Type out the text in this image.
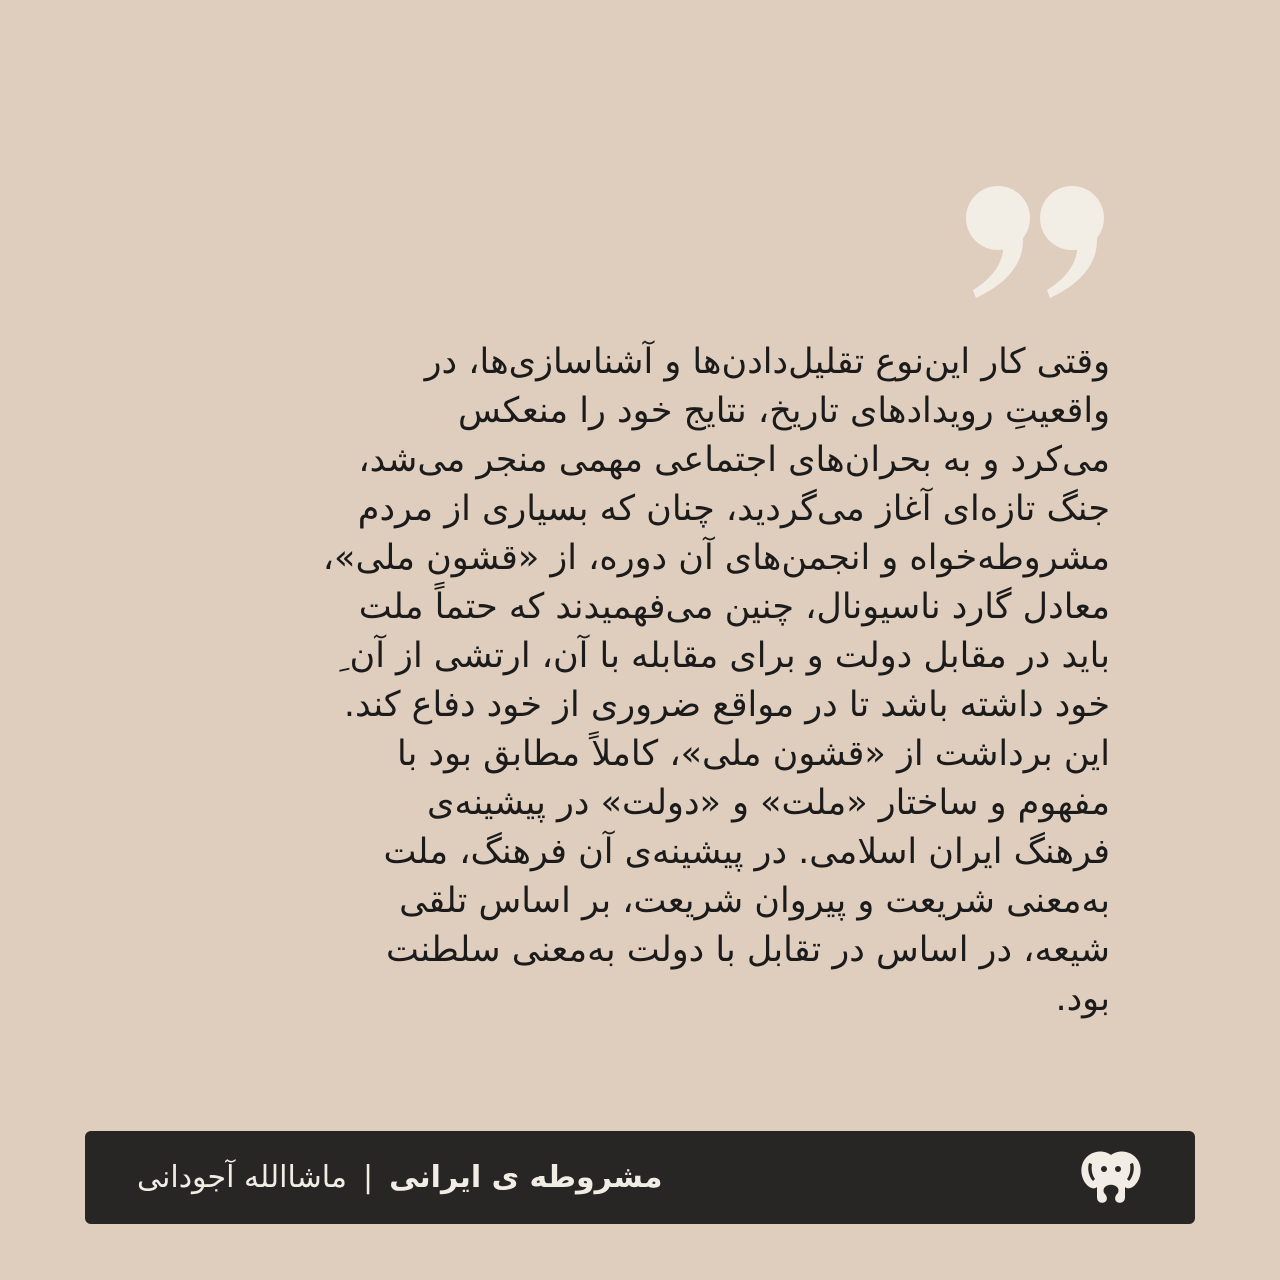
وقتی کار این‌نوع تقلیل‌دادن‌ها و آشناسازی‌ها، در
واقعیتِ رویدادهای تاریخ، نتایج خود را منعکس
می‌کرد و به بحران‌های اجتماعی مهمی منجر می‌شد،
جنگ تازه‌ای آغاز می‌گردید، چنان که بسیاری از مردم
مشروطه‌خواه و انجمن‌های آن دوره، از «قشون ملی»،
معادل گارد ناسیونال، چنین می‌فهمیدند که حتماً ملت
باید در مقابل دولت و برای مقابله با آن، ارتشی از آن ِ
خود داشته باشد تا در مواقع ضروری از خود دفاع کند.
این برداشت از «قشون ملی»، کاملاً مطابق بود با
مفهوم و ساختار «ملت» و «دولت» در پیشینه‌ی
فرهنگ ایران اسلامی. در پیشینه‌ی آن فرهنگ، ملت
به‌معنی شریعت و پیروان شریعت، بر اساس تلقی
شیعه، در اساس در تقابل با دولت به‌معنی سلطنت
بود.
مشروطه ی ایرانی
|
ماشاالله آجودانی
